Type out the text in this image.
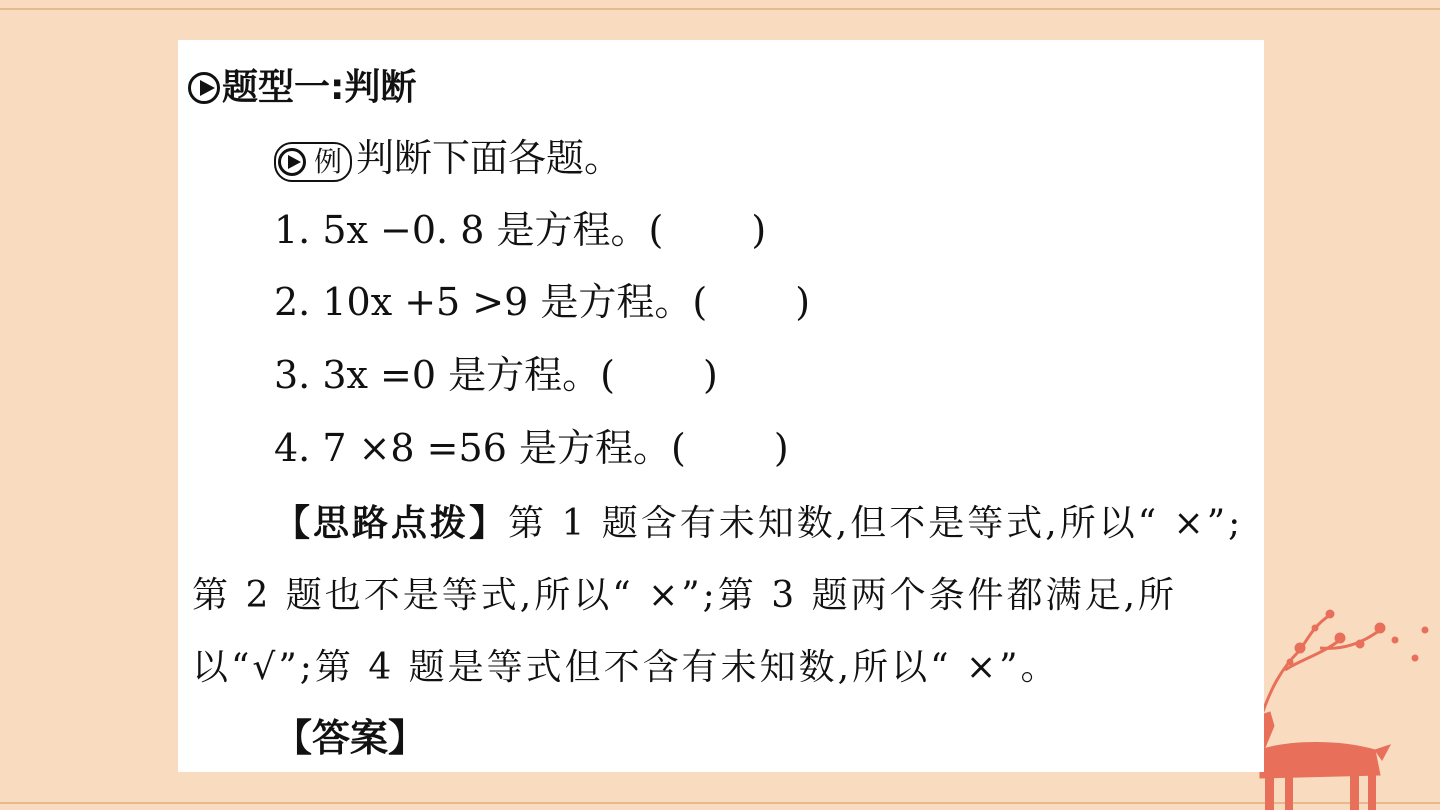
题型一:判断
例 判断下面各题。
1. 5x −0. 8 是方程。(　　 )
2. 10x +5 >9 是方程。(　　 )
3. 3x =0 是方程。(　　 )
4. 7 ×8 =56 是方程。(　　 )
【思路点拨】第 1 题含有未知数,但不是等式,所以“ ×”;第 2 题也不是等式,所以“ ×”;第 3 题两个条件都满足,所以“√”;第 4 题是等式但不含有未知数,所以“ ×”。
【答案】
